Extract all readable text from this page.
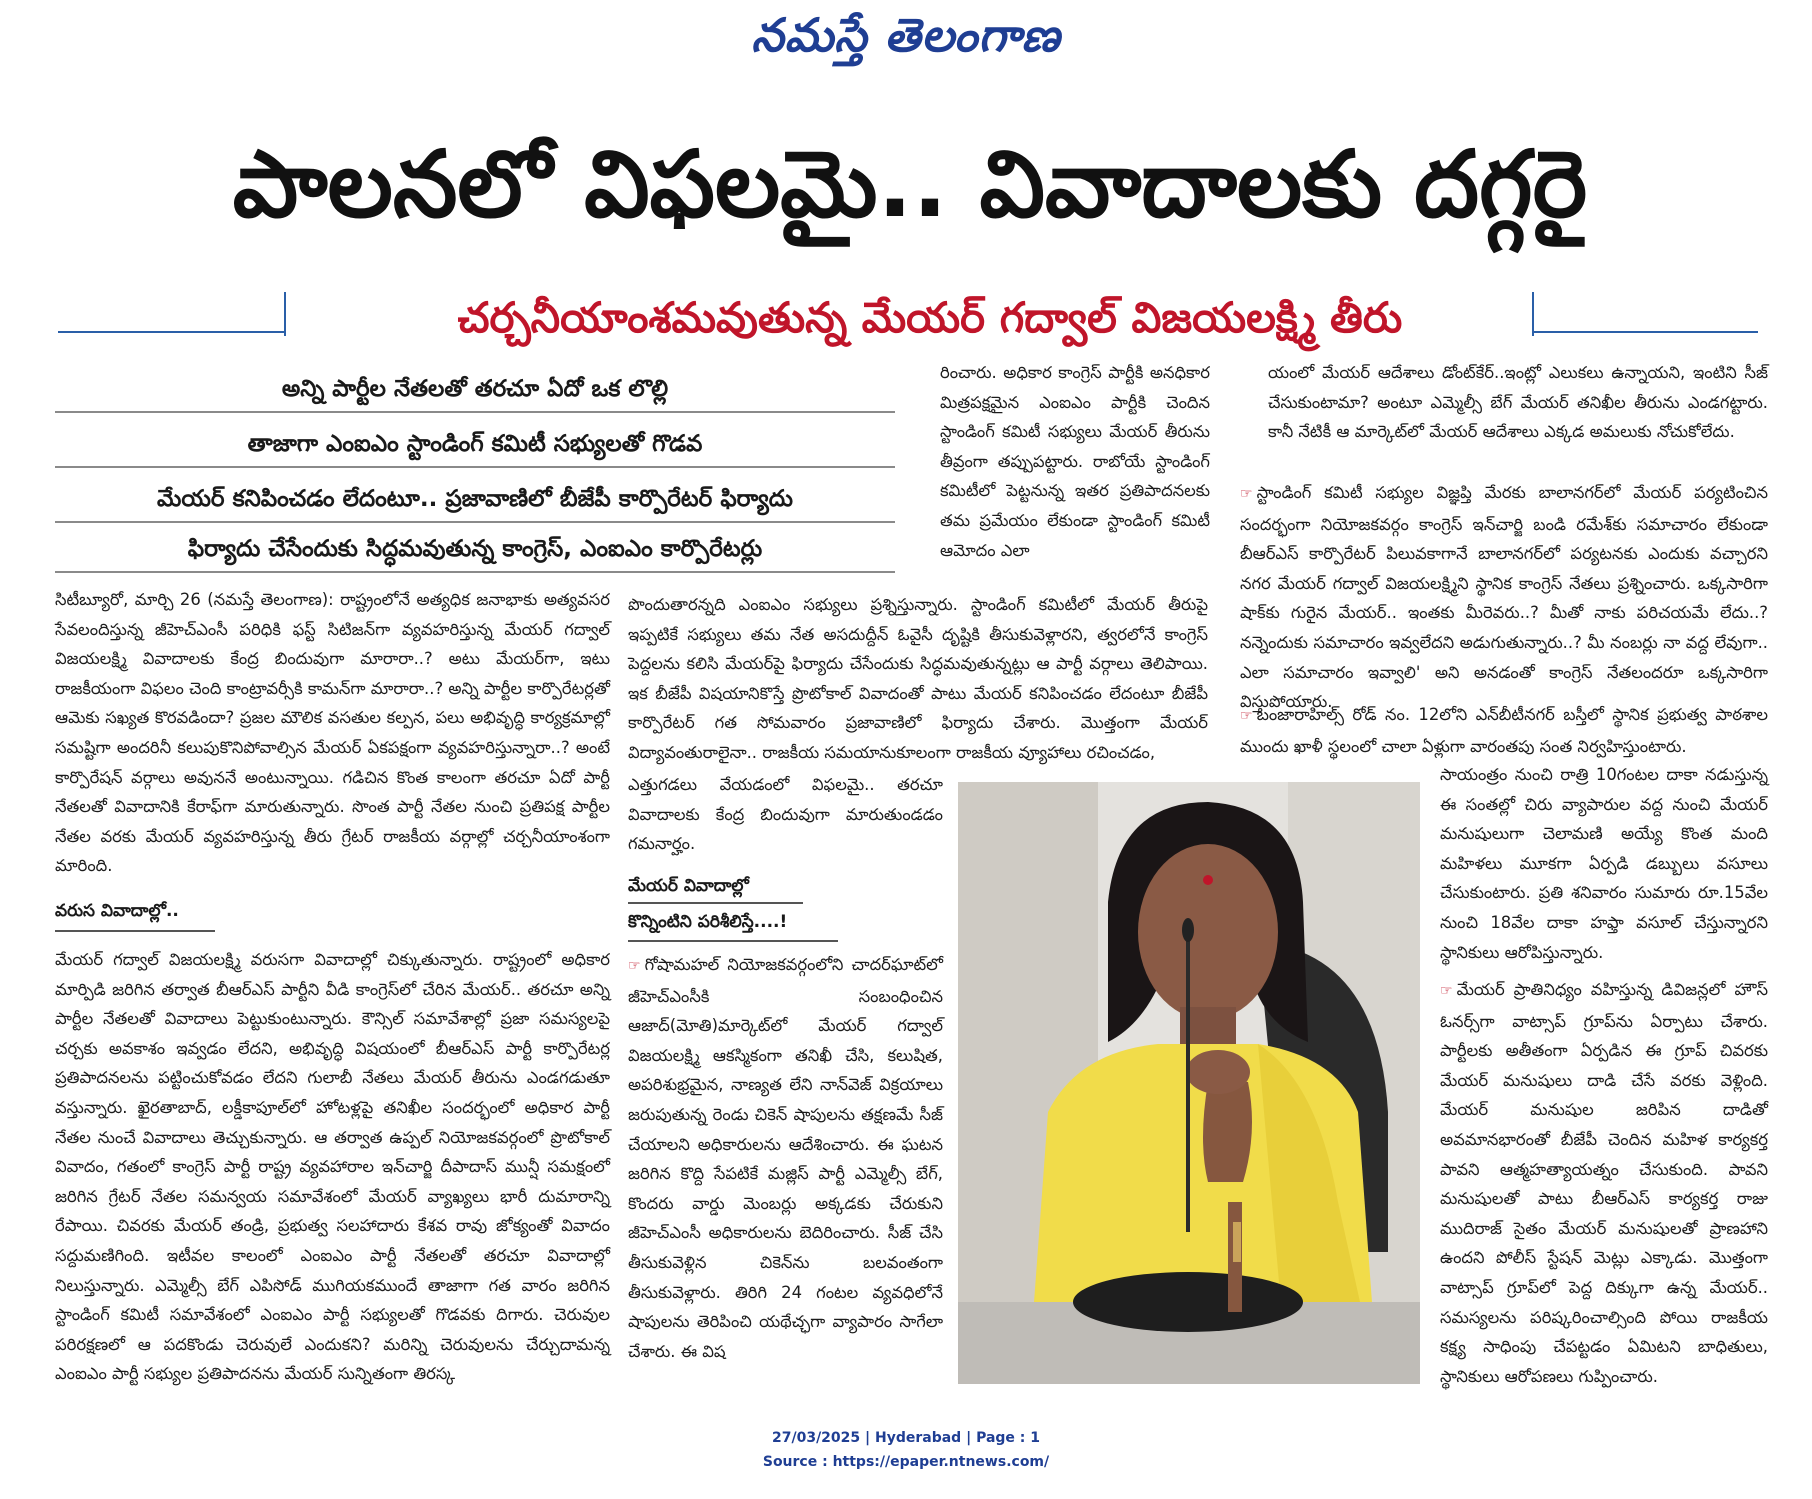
నమస్తే తెలంగాణ
పాలనలో విఫలమై.. వివాదాలకు దగ్గరై
చర్చనీయాంశమవుతున్న మేయర్ గద్వాల్ విజయలక్ష్మి తీరు
అన్ని పార్టీల నేతలతో తరచూ ఏదో ఒక లొల్లి
తాజాగా ఎంఐఎం స్టాండింగ్ కమిటీ సభ్యులతో గొడవ
మేయర్ కనిపించడం లేదంటూ.. ప్రజావాణిలో బీజేపీ కార్పొరేటర్ ఫిర్యాదు
ఫిర్యాదు చేసేందుకు సిద్ధమవుతున్న కాంగ్రెస్, ఎంఐఎం కార్పొరేటర్లు

సిటీబ్యూరో, మార్చి 26 (నమస్తే తెలంగాణ): రాష్ట్రంలోనే అత్యధిక జనాభాకు అత్యవసర సేవలందిస్తున్న జీహెచ్ఎంసీ పరిధికి ఫస్ట్ సిటిజన్‌గా వ్యవహరిస్తున్న మేయర్ గద్వాల్ విజయలక్ష్మి వివాదాలకు కేంద్ర బిందువుగా మారారా..? అటు మేయర్‌గా, ఇటు రాజకీయంగా విఫలం చెంది కాంట్రావర్సీకి కామన్‌గా మారారా..? అన్ని పార్టీల కార్పొరేటర్లతో ఆమెకు సఖ్యత కొరవడిందా? ప్రజల మౌలిక వసతుల కల్పన, పలు అభివృద్ధి కార్యక్రమాల్లో సమష్టిగా అందరినీ కలుపుకొనిపోవాల్సిన మేయర్ ఏకపక్షంగా వ్యవహరిస్తున్నారా..? అంటే కార్పొరేషన్ వర్గాలు అవుననే అంటున్నాయి. గడిచిన కొంత కాలంగా తరచూ ఏదో పార్టీ నేతలతో వివాదానికి కేరాఫ్‌గా మారుతున్నారు. సొంత పార్టీ నేతల నుంచి ప్రతిపక్ష పార్టీల నేతల వరకు మేయర్ వ్యవహరిస్తున్న తీరు గ్రేటర్ రాజకీయ వర్గాల్లో చర్చనీయాంశంగా మారింది.

వరుస వివాదాల్లో..

మేయర్ గద్వాల్ విజయలక్ష్మి వరుసగా వివాదాల్లో చిక్కుతున్నారు. రాష్ట్రంలో అధికార మార్పిడి జరిగిన తర్వాత బీఆర్ఎస్ పార్టీని వీడి కాంగ్రెస్‌లో చేరిన మేయర్.. తరచూ అన్ని పార్టీల నేతలతో వివాదాలు పెట్టుకుంటున్నారు. కౌన్సిల్ సమావేశాల్లో ప్రజా సమస్యలపై చర్చకు అవకాశం ఇవ్వడం లేదని, అభివృద్ధి విషయంలో బీఆర్ఎస్ పార్టీ కార్పొరేటర్ల ప్రతిపాదనలను పట్టించుకోవడం లేదని గులాబీ నేతలు మేయర్ తీరును ఎండగడుతూ వస్తున్నారు. ఖైరతాబాద్, లక్డీకాపూల్‌లో హోటళ్లపై తనిఖీల సందర్భంలో అధికార పార్టీ నేతల నుంచే వివాదాలు తెచ్చుకున్నారు. ఆ తర్వాత ఉప్పల్ నియోజకవర్గంలో ప్రొటోకాల్ వివాదం, గతంలో కాంగ్రెస్ పార్టీ రాష్ట్ర వ్యవహారాల ఇన్‌చార్జి దీపాదాస్ మున్షీ సమక్షంలో జరిగిన గ్రేటర్ నేతల సమన్వయ సమావేశంలో మేయర్ వ్యాఖ్యలు భారీ దుమారాన్ని రేపాయి. చివరకు మేయర్ తండ్రి, ప్రభుత్వ సలహాదారు కేశవ రావు జోక్యంతో వివాదం సద్దుమణిగింది. ఇటీవల కాలంలో ఎంఐఎం పార్టీ నేతలతో తరచూ వివాదాల్లో నిలుస్తున్నారు. ఎమ్మెల్సీ బేగ్ ఎపిసోడ్ ముగియకముందే తాజాగా గత వారం జరిగిన స్టాండింగ్ కమిటీ సమావేశంలో ఎంఐఎం పార్టీ సభ్యులతో గొడవకు దిగారు. చెరువుల పరిరక్షణలో ఆ పదకొండు చెరువులే ఎందుకని? మరిన్ని చెరువులను చేర్చుదామన్న ఎంఐఎం పార్టీ సభ్యుల ప్రతిపాదనను మేయర్ సున్నితంగా తిరస్క

రించారు. అధికార కాంగ్రెస్ పార్టీకి అనధికార మిత్రపక్షమైన ఎంఐఎం పార్టీకి చెందిన స్టాండింగ్ కమిటీ సభ్యులు మేయర్ తీరును తీవ్రంగా తప్పుపట్టారు. రాబోయే స్టాండింగ్ కమిటీలో పెట్టనున్న ఇతర ప్రతిపాదనలకు తమ ప్రమేయం లేకుండా స్టాండింగ్ కమిటీ ఆమోదం ఎలా

పొందుతారన్నది ఎంఐఎం సభ్యులు ప్రశ్నిస్తున్నారు. స్టాండింగ్ కమిటీలో మేయర్ తీరుపై ఇప్పటికే సభ్యులు తమ నేత అసదుద్దీన్ ఓవైసీ దృష్టికి తీసుకువెళ్లారని, త్వరలోనే కాంగ్రెస్ పెద్దలను కలిసి మేయర్‌పై ఫిర్యాదు చేసేందుకు సిద్ధమవుతున్నట్లు ఆ పార్టీ వర్గాలు తెలిపాయి. ఇక బీజేపీ విషయానికొస్తే ప్రొటోకాల్ వివాదంతో పాటు మేయర్ కనిపించడం లేదంటూ బీజేపీ కార్పొరేటర్ గత సోమవారం ప్రజావాణిలో ఫిర్యాదు చేశారు. మొత్తంగా మేయర్ విద్యావంతురాలైనా.. రాజకీయ సమయానుకూలంగా రాజకీయ వ్యూహాలు రచించడం,

ఎత్తుగడలు వేయడంలో విఫలమై.. తరచూ వివాదాలకు కేంద్ర బిందువుగా మారుతుండడం గమనార్హం.

మేయర్ వివాదాల్లో
కొన్నింటిని పరిశీలిస్తే....!

☞ గోషామహల్ నియోజకవర్గంలోని చాదర్‌ఘాట్‌లో జీహెచ్ఎంసీకి సంబంధించిన ఆజాద్(మోతి)మార్కెట్‌లో మేయర్ గద్వాల్ విజయలక్ష్మి ఆకస్మికంగా తనిఖీ చేసి, కలుషిత, అపరిశుభ్రమైన, నాణ్యత లేని నాన్‌వెజ్ విక్రయాలు జరుపుతున్న రెండు చికెన్ షాపులను తక్షణమే సీజ్ చేయాలని అధికారులను ఆదేశించారు. ఈ ఘటన జరిగిన కొద్ది సేపటికే మజ్లిస్ పార్టీ ఎమ్మెల్సీ బేగ్, కొందరు వార్డు మెంబర్లు అక్కడకు చేరుకుని జీహెచ్ఎంసీ అధికారులను బెదిరించారు. సీజ్ చేసి తీసుకువెళ్లిన చికెన్‌ను బలవంతంగా తీసుకువెళ్లారు. తిరిగి 24 గంటల వ్యవధిలోనే షాపులను తెరిపించి యథేచ్ఛగా వ్యాపారం సాగేలా చేశారు. ఈ విష

యంలో మేయర్ ఆదేశాలు డోంట్‌కేర్..ఇంట్లో ఎలుకలు ఉన్నాయని, ఇంటిని సీజ్ చేసుకుంటామా? అంటూ ఎమ్మెల్సీ బేగ్ మేయర్ తనిఖీల తీరును ఎండగట్టారు. కానీ నేటికీ ఆ మార్కెట్‌లో మేయర్ ఆదేశాలు ఎక్కడ అమలుకు నోచుకోలేదు.

☞ స్టాండింగ్ కమిటీ సభ్యుల విజ్ఞప్తి మేరకు బాలానగర్‌లో మేయర్ పర్యటించిన సందర్భంగా నియోజకవర్గం కాంగ్రెస్ ఇన్‌చార్జి బండి రమేశ్‌కు సమాచారం లేకుండా బీఆర్ఎస్ కార్పొరేటర్ పిలువకాగానే బాలానగర్‌లో పర్యటనకు ఎందుకు వచ్చారని నగర మేయర్ గద్వాల్ విజయలక్ష్మిని స్థానిక కాంగ్రెస్ నేతలు ప్రశ్నించారు. ఒక్కసారిగా షాక్‌కు గురైన మేయర్.. ఇంతకు మీరెవరు..? మీతో నాకు పరిచయమే లేదు..? నన్నెందుకు సమాచారం ఇవ్వలేదని అడుగుతున్నారు..? మీ నంబర్లు నా వద్ద లేవుగా.. ఎలా సమాచారం ఇవ్వాలి' అని అనడంతో కాంగ్రెస్ నేతలందరూ ఒక్కసారిగా విస్తుపోయారు.

☞ బంజారాహిల్స్ రోడ్ నం. 12లోని ఎన్‌బీటీనగర్ బస్తీలో స్థానిక ప్రభుత్వ పాఠశాల ముందు ఖాళీ స్థలంలో చాలా ఏళ్లుగా వారంతపు సంత నిర్వహిస్తుంటారు.

సాయంత్రం నుంచి రాత్రి 10గంటల దాకా నడుస్తున్న ఈ సంతల్లో చిరు వ్యాపారుల వద్ద నుంచి మేయర్ మనుషులుగా చెలామణి అయ్యే కొంత మంది మహిళలు మూకగా ఏర్పడి డబ్బులు వసూలు చేసుకుంటారు. ప్రతి శనివారం సుమారు రూ.15వేల నుంచి 18వేల దాకా హఫ్తా వసూల్ చేస్తున్నారని స్థానికులు ఆరోపిస్తున్నారు.

☞ మేయర్ ప్రాతినిధ్యం వహిస్తున్న డివిజన్లలో హౌస్ ఓనర్స్‌గా వాట్సాప్ గ్రూప్‌ను ఏర్పాటు చేశారు. పార్టీలకు అతీతంగా ఏర్పడిన ఈ గ్రూప్ చివరకు మేయర్ మనుషులు దాడి చేసే వరకు వెళ్లింది. మేయర్ మనుషుల జరిపిన దాడితో అవమానభారంతో బీజేపీ చెందిన మహిళ కార్యకర్త పావని ఆత్మహత్యాయత్నం చేసుకుంది. పావని మనుషులతో పాటు బీఆర్ఎస్ కార్యకర్త రాజు ముదిరాజ్ సైతం మేయర్ మనుషులతో ప్రాణహాని ఉందని పోలీస్ స్టేషన్ మెట్లు ఎక్కాడు. మొత్తంగా వాట్సాప్ గ్రూప్‌లో పెద్ద దిక్కుగా ఉన్న మేయర్.. సమస్యలను పరిష్కరించాల్సింది పోయి రాజకీయ కక్ష్య సాధింపు చేపట్టడం ఏమిటని బాధితులు, స్థానికులు ఆరోపణలు గుప్పించారు.

27/03/2025 | Hyderabad | Page : 1
Source : https://epaper.ntnews.com/
